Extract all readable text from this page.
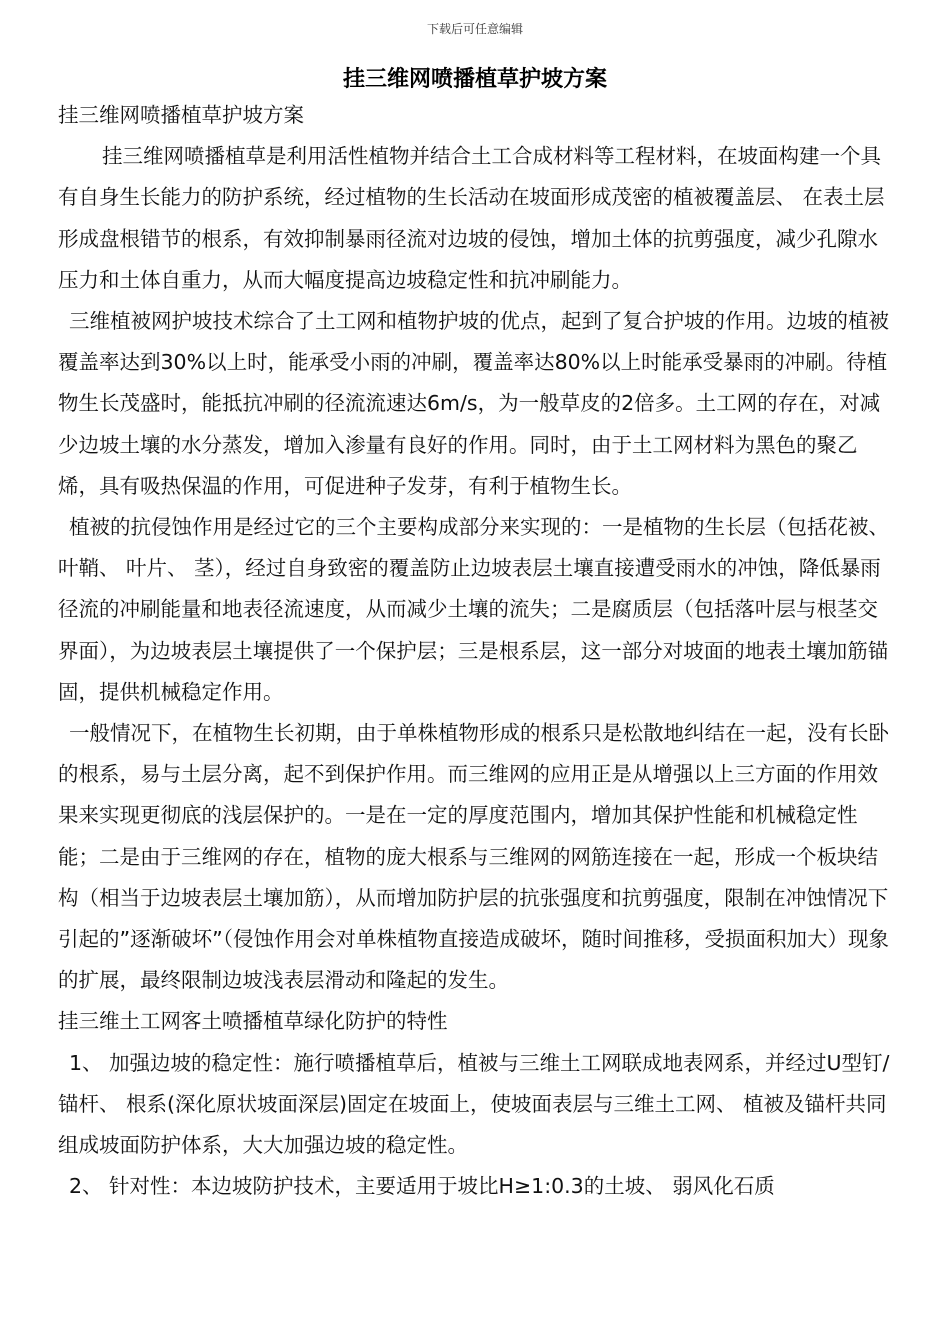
下载后可任意编辑
挂三维网喷播植草护坡方案

挂三维网喷播植草护坡方案

挂三维网喷播植草是利用活性植物并结合土工合成材料等工程材料，在坡面构建一个具有自身生长能力的防护系统，经过植物的生长活动在坡面形成茂密的植被覆盖层、 在表土层形成盘根错节的根系，有效抑制暴雨径流对边坡的侵蚀，增加土体的抗剪强度，减少孔隙水压力和土体自重力，从而大幅度提高边坡稳定性和抗冲刷能力。

三维植被网护坡技术综合了土工网和植物护坡的优点，起到了复合护坡的作用。边坡的植被覆盖率达到30%以上时，能承受小雨的冲刷，覆盖率达80%以上时能承受暴雨的冲刷。待植物生长茂盛时，能抵抗冲刷的径流流速达6m/s，为一般草皮的2倍多。土工网的存在，对减少边坡土壤的水分蒸发，增加入渗量有良好的作用。同时，由于土工网材料为黑色的聚乙烯，具有吸热保温的作用，可促进种子发芽，有利于植物生长。

植被的抗侵蚀作用是经过它的三个主要构成部分来实现的：一是植物的生长层（包括花被、 叶鞘、 叶片、 茎），经过自身致密的覆盖防止边坡表层土壤直接遭受雨水的冲蚀，降低暴雨径流的冲刷能量和地表径流速度，从而减少土壤的流失；二是腐质层（包括落叶层与根茎交界面），为边坡表层土壤提供了一个保护层；三是根系层，这一部分对坡面的地表土壤加筋锚固，提供机械稳定作用。

一般情况下，在植物生长初期，由于单株植物形成的根系只是松散地纠结在一起，没有长卧的根系，易与土层分离，起不到保护作用。而三维网的应用正是从增强以上三方面的作用效果来实现更彻底的浅层保护的。一是在一定的厚度范围内，增加其保护性能和机械稳定性能；二是由于三维网的存在，植物的庞大根系与三维网的网筋连接在一起，形成一个板块结构（相当于边坡表层土壤加筋），从而增加防护层的抗张强度和抗剪强度，限制在冲蚀情况下引起的”逐渐破坏”（侵蚀作用会对单株植物直接造成破坏，随时间推移，受损面积加大）现象的扩展，最终限制边坡浅表层滑动和隆起的发生。

挂三维土工网客土喷播植草绿化防护的特性

1、 加强边坡的稳定性：施行喷播植草后，植被与三维土工网联成地表网系，并经过U型钉/锚杆、 根系(深化原状坡面深层)固定在坡面上，使坡面表层与三维土工网、 植被及锚杆共同组成坡面防护体系，大大加强边坡的稳定性。

2、 针对性：本边坡防护技术，主要适用于坡比H≥1:0.3的土坡、 弱风化石质
